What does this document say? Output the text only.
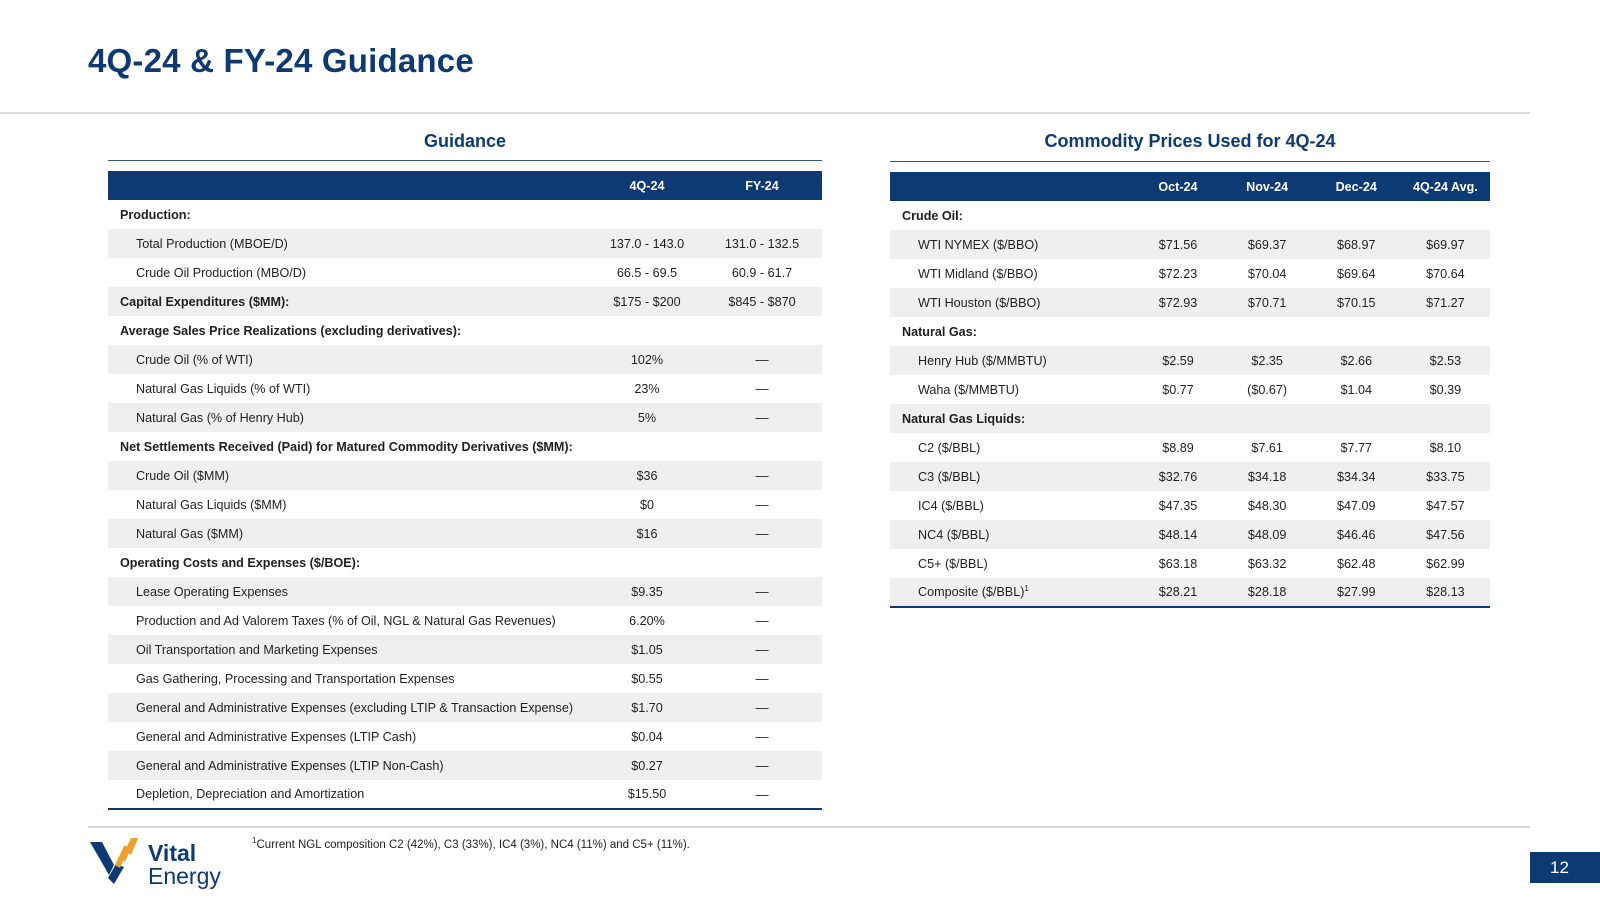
4Q-24 & FY-24 Guidance
Guidance
	4Q-24	FY-24
Production:		
Total Production (MBOE/D)	137.0 - 143.0	131.0 - 132.5
Crude Oil Production (MBO/D)	66.5 - 69.5	60.9 - 61.7
Capital Expenditures ($MM):	$175 - $200	$845 - $870
Average Sales Price Realizations (excluding derivatives):		
Crude Oil (% of WTI)	102%	—
Natural Gas Liquids (% of WTI)	23%	—
Natural Gas (% of Henry Hub)	5%	—
Net Settlements Received (Paid) for Matured Commodity Derivatives ($MM):		
Crude Oil ($MM)	$36	—
Natural Gas Liquids ($MM)	$0	—
Natural Gas ($MM)	$16	—
Operating Costs and Expenses ($/BOE):		
Lease Operating Expenses	$9.35	—
Production and Ad Valorem Taxes (% of Oil, NGL & Natural Gas Revenues)	6.20%	—
Oil Transportation and Marketing Expenses	$1.05	—
Gas Gathering, Processing and Transportation Expenses	$0.55	—
General and Administrative Expenses (excluding LTIP & Transaction Expense)	$1.70	—
General and Administrative Expenses (LTIP Cash)	$0.04	—
General and Administrative Expenses (LTIP Non-Cash)	$0.27	—
Depletion, Depreciation and Amortization	$15.50	—
Commodity Prices Used for 4Q-24
	Oct-24	Nov-24	Dec-24	4Q-24 Avg.
Crude Oil:				
WTI NYMEX ($/BBO)	$71.56	$69.37	$68.97	$69.97
WTI Midland ($/BBO)	$72.23	$70.04	$69.64	$70.64
WTI Houston ($/BBO)	$72.93	$70.71	$70.15	$71.27
Natural Gas:				
Henry Hub ($/MMBTU)	$2.59	$2.35	$2.66	$2.53
Waha ($/MMBTU)	$0.77	($0.67)	$1.04	$0.39
Natural Gas Liquids:				
C2 ($/BBL)	$8.89	$7.61	$7.77	$8.10
C3 ($/BBL)	$32.76	$34.18	$34.34	$33.75
IC4 ($/BBL)	$47.35	$48.30	$47.09	$47.57
NC4 ($/BBL)	$48.14	$48.09	$46.46	$47.56
C5+ ($/BBL)	$63.18	$63.32	$62.48	$62.99
Composite ($/BBL)$^1$	$28.21	$28.18	$27.99	$28.13
Vital
Energy
$^1$Current NGL composition C2 (42%), C3 (33%), IC4 (3%), NC4 (11%) and C5+ (11%).
12
